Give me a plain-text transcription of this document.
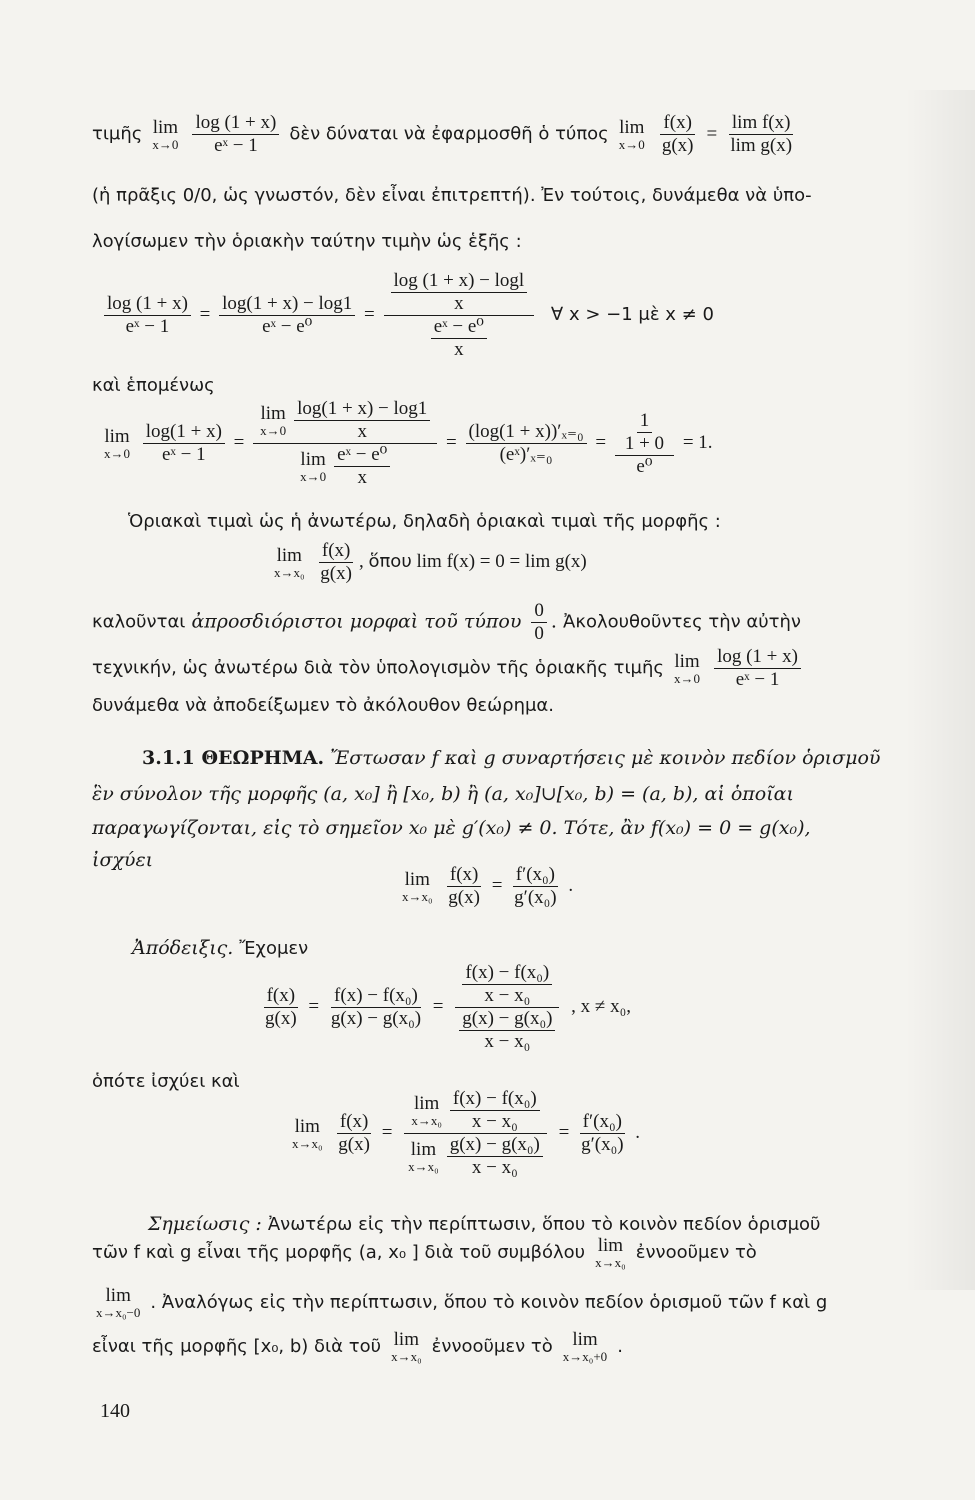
τιμῆς lim
x→0
$\frac{\log (1 + x)}{\text{eˣ − 1}}$ δὲν δύναται νὰ ἐφαρμοσθῆ ὁ τύπος lim
x→0
$\frac{f(x)}{g(x)} = \frac{\text{lim f(x)}}{\text{lim g(x)}}$
(ἡ πρᾶξις 0/0, ὡς γνωστόν, δὲν εἶναι ἐπιτρεπτή). Ἐν τούτοις, δυνάμεθα νὰ ὑπο-
λογίσωμεν τὴν ὁριακὴν ταύτην τιμὴν ὡς ἑξῆς :
$\frac{\log (1 + x)}{\text{eˣ − 1}} = \frac{\log(1 + x) - \log 1}{\text{eˣ − e⁰}} = \frac{\frac{\log (1 + x) - \log l}{x}}{\frac{\text{eˣ − e⁰}}{x}}$ ∀ x > −1 μὲ x ≠ 0
καὶ ἑπομένως
lim
x→0
$\frac{\log(1 + x)}{\text{eˣ − 1}} = \lim$
$x\to 0 \frac{\log(1 + x) - \log 1}{x}$
lim
$x\to 0 \frac{\text{eˣ − e⁰}}{x} = \frac{\text{(log(1 + x))′ₓ₌₀}}{\text{(eˣ)′ₓ₌₀}} = \frac{\frac{1}{1 + 0}}{\text{e⁰}} = 1$.
Ὁριακαὶ τιμαὶ ὡς ἡ ἀνωτέρω, δηλαδὴ ὁριακαὶ τιμαὶ τῆς μορφῆς :
lim
x→x₀
$\frac{f(x)}{g(x)}$ , ὅπου lim f(x) = 0 = lim g(x)
καλοῦνται ἀπροσδιόριστοι μορφαὶ τοῦ τύπου $\frac{0}{0}$ . Ἀκολουθοῦντες τὴν αὐτὴν
τεχνικήν, ὡς ἀνωτέρω διὰ τὸν ὑπολογισμὸν τῆς ὁριακῆς τιμῆς lim
x→0
$\frac{\log (1 + x)}{\text{eˣ − 1}}$
δυνάμεθα νὰ ἀποδείξωμεν τὸ ἀκόλουθον θεώρημα.
3.1.1 ΘΕΩΡΗΜΑ. Ἔστωσαν f καὶ g συναρτήσεις μὲ κοινὸν πεδίον ὁρισμοῦ
ἓν σύνολον τῆς μορφῆς (a, x₀] ἢ [x₀, b) ἢ (a, x₀]∪[x₀, b) = (a, b), αἱ ὁποῖαι
παραγωγίζονται, εἰς τὸ σημεῖον x₀ μὲ g′(x₀) ≠ 0. Τότε, ἂν f(x₀) = 0 = g(x₀),
ἰσχύει
lim
x→x₀
$\frac{f(x)}{g(x)} = \frac{\text{f′(x₀)}}{\text{g′(x₀)}}$ .
Ἀπόδειξις. Ἔχομεν
$\frac{f(x)}{g(x)} = \frac{\text{f(x) − f(x₀)}}{\text{g(x) − g(x₀)}} = \frac{\frac{\text{f(x) − f(x₀)}}{\text{x − x₀}}}{\frac{\text{g(x) − g(x₀)}}{\text{x − x₀}}}$ , x ≠ x₀,
ὁπότε ἰσχύει καὶ
lim
x→x₀
$\frac{f(x)}{g(x)} = \lim$
$x\to x_0 \frac{\text{f(x) − f(x₀)}}{\text{x − x₀}}$
lim
$x\to x_0 \frac{\text{g(x) − g(x₀)}}{\text{x − x₀}} = \frac{\text{f′(x₀)}}{\text{g′(x₀)}}$ .
Σημείωσις : Ἀνωτέρω εἰς τὴν περίπτωσιν, ὅπου τὸ κοινὸν πεδίον ὁρισμοῦ
τῶν f καὶ g εἶναι τῆς μορφῆς (a, x₀ ] διὰ τοῦ συμβόλου lim
x→x₀ ἐννοοῦμεν τὸ
lim
x→x₀−0 . Ἀναλόγως εἰς τὴν περίπτωσιν, ὅπου τὸ κοινὸν πεδίον ὁρισμοῦ τῶν f καὶ g
εἶναι τῆς μορφῆς [x₀, b) διὰ τοῦ lim
x→x₀ ἐννοοῦμεν τὸ lim
x→x₀+0 .
140
